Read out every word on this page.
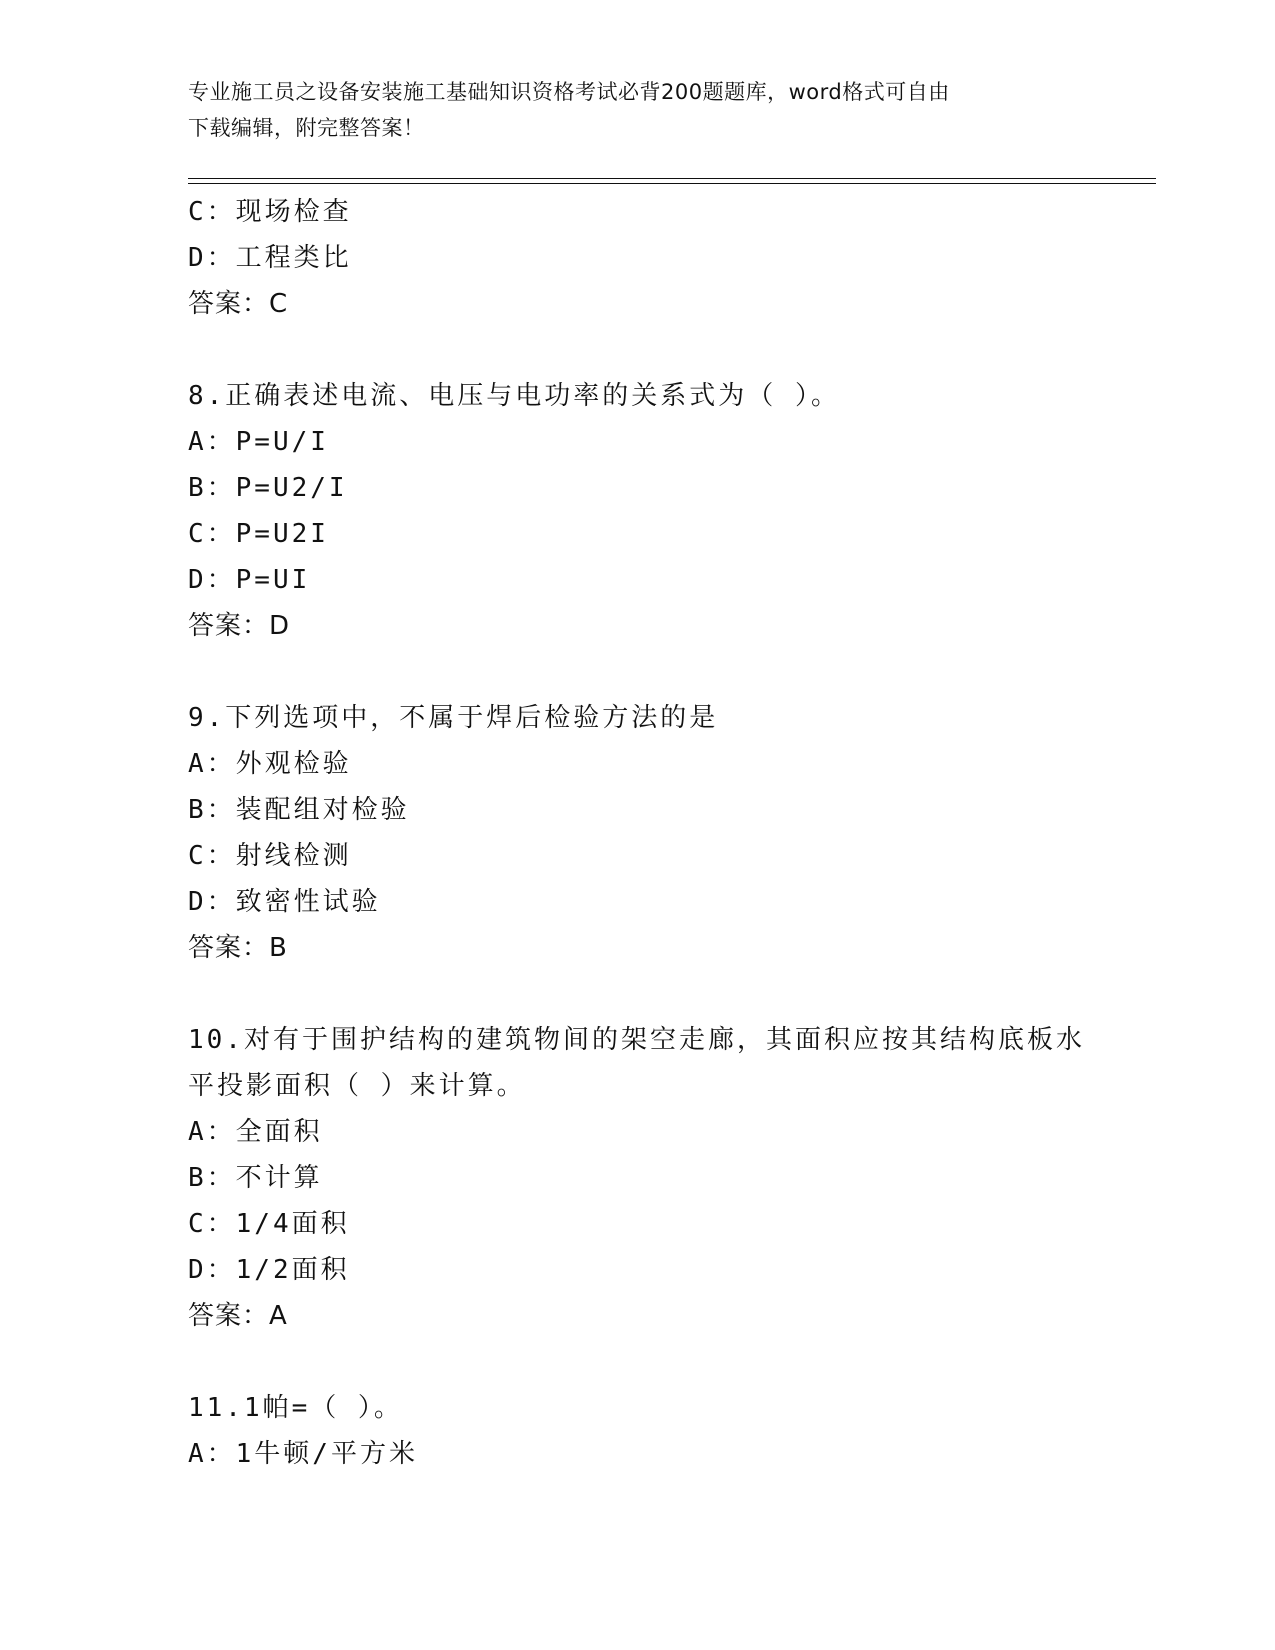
专业施工员之设备安装施工基础知识资格考试必背200题题库，word格式可自由
下载编辑，附完整答案！
C：现场检查
D：工程类比
答案：C
8.正确表述电流、电压与电功率的关系式为（ ）。
A：P=U/I
B：P=U2/I
C：P=U2I
D：P=UI
答案：D
9.下列选项中，不属于焊后检验方法的是
A：外观检验
B：装配组对检验
C：射线检测
D：致密性试验
答案：B
10.对有于围护结构的建筑物间的架空走廊，其面积应按其结构底板水
平投影面积（ ）来计算。
A：全面积
B：不计算
C：1/4面积
D：1/2面积
答案：A
11.1帕=（ ）。
A：1牛顿/平方米
